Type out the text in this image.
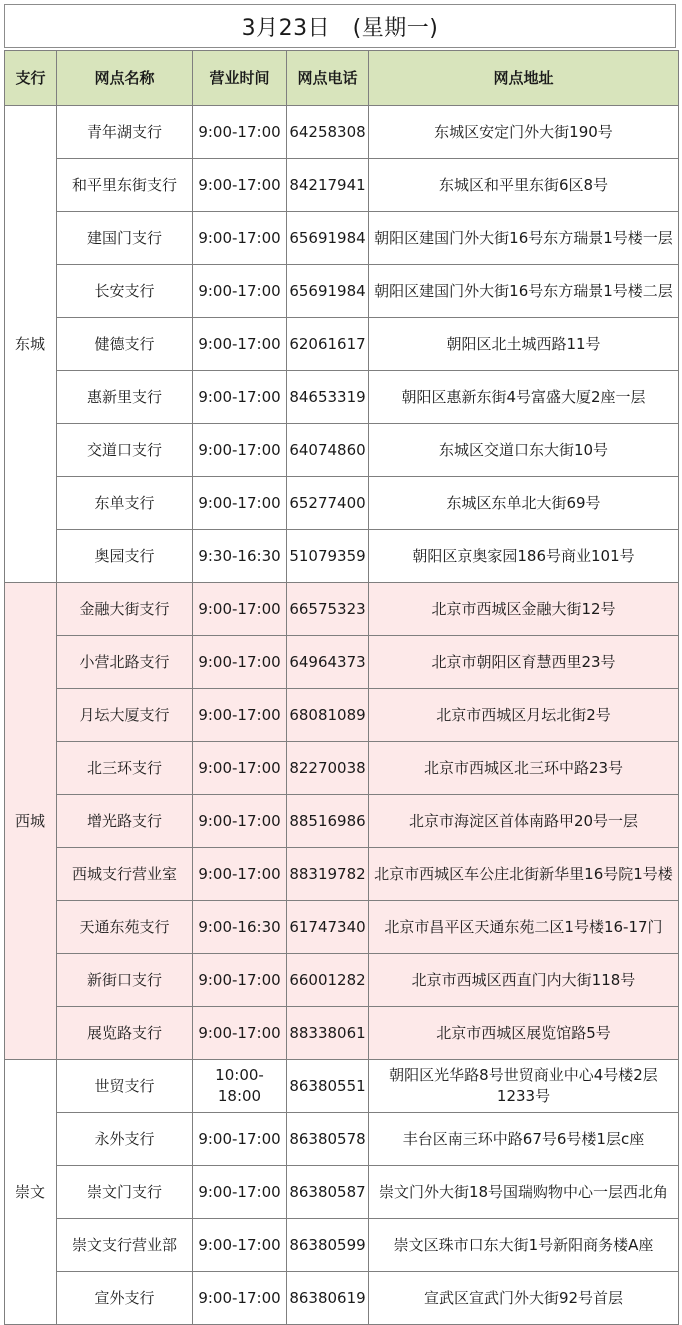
3月23日　(星期一)
支行	网点名称	营业时间	网点电话	网点地址
东城	青年湖支行	9:00-17:00	64258308	东城区安定门外大街190号
	和平里东街支行	9:00-17:00	84217941	东城区和平里东街6区8号
	建国门支行	9:00-17:00	65691984	朝阳区建国门外大街16号东方瑞景1号楼一层
	长安支行	9:00-17:00	65691984	朝阳区建国门外大街16号东方瑞景1号楼二层
	健德支行	9:00-17:00	62061617	朝阳区北土城西路11号
	惠新里支行	9:00-17:00	84653319	朝阳区惠新东街4号富盛大厦2座一层
	交道口支行	9:00-17:00	64074860	东城区交道口东大街10号
	东单支行	9:00-17:00	65277400	东城区东单北大街69号
	奥园支行	9:30-16:30	51079359	朝阳区京奥家园186号商业101号
西城	金融大街支行	9:00-17:00	66575323	北京市西城区金融大街12号
	小营北路支行	9:00-17:00	64964373	北京市朝阳区育慧西里23号
	月坛大厦支行	9:00-17:00	68081089	北京市西城区月坛北街2号
	北三环支行	9:00-17:00	82270038	北京市西城区北三环中路23号
	增光路支行	9:00-17:00	88516986	北京市海淀区首体南路甲20号一层
	西城支行营业室	9:00-17:00	88319782	北京市西城区车公庄北街新华里16号院1号楼
	天通东苑支行	9:00-16:30	61747340	北京市昌平区天通东苑二区1号楼16-17门
	新街口支行	9:00-17:00	66001282	北京市西城区西直门内大街118号
	展览路支行	9:00-17:00	88338061	北京市西城区展览馆路5号
崇文	世贸支行	10:00-18:00	86380551	朝阳区光华路8号世贸商业中心4号楼2层1233号
	永外支行	9:00-17:00	86380578	丰台区南三环中路67号6号楼1层c座
	崇文门支行	9:00-17:00	86380587	崇文门外大街18号国瑞购物中心一层西北角
	崇文支行营业部	9:00-17:00	86380599	崇文区珠市口东大街1号新阳商务楼A座
	宣外支行	9:00-17:00	86380619	宣武区宣武门外大街92号首层
